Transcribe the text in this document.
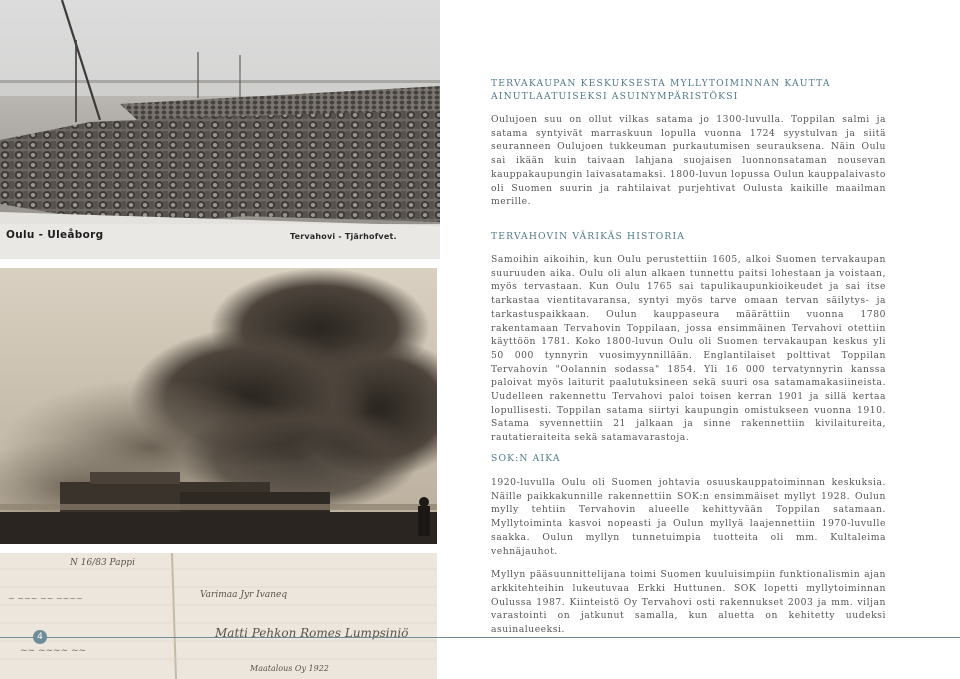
Oulu - Uleåborg	Tervahovi - Tjärhofvet.
N 16/83 Pappi
~ ~~~ ~~ ~~~~	Varimaa Jyr Ivaneq
Matti Pehkon Romes Lumpsiniö
Maatalous Oy 1922
~~ ~~~~ ~~
TERVAKAUPAN KESKUKSESTA MYLLYTOIMINNAN KAUTTA AINUTLAATUISEKSI ASUINYMPÄRISTÖKSI

Oulujoen suu on ollut vilkas satama jo 1300-luvulla. Toppilan salmi ja satama syntyivät marraskuun lopulla vuonna 1724 syystulvan ja siitä seuranneen Oulujoen tukkeuman purkautumisen seurauksena. Näin Oulu sai ikään kuin taivaan lahjana suojaisen luonnonsataman nousevan kauppakaupungin laivasatamaksi. 1800-luvun lopussa Oulun kauppalaivasto oli Suomen suurin ja rahtilaivat purjehtivat Oulusta kaikille maailman merille.

TERVAHOVIN VÄRIKÄS HISTORIA

Samoihin aikoihin, kun Oulu perustettiin 1605, alkoi Suomen tervakaupan suuruuden aika. Oulu oli alun alkaen tunnettu paitsi lohestaan ja voistaan, myös tervastaan. Kun Oulu 1765 sai tapulikaupunkioikeudet ja sai itse tarkastaa vientitavaransa, syntyi myös tarve omaan tervan säilytys- ja tarkastuspaikkaan. Oulun kauppaseura määrättiin vuonna 1780 rakentamaan Tervahovin Toppilaan, jossa ensimmäinen Tervahovi otettiin käyttöön 1781. Koko 1800-luvun Oulu oli Suomen tervakaupan keskus yli 50 000 tynnyrin vuosimyynnillään. Englantilaiset polttivat Toppilan Tervahovin "Oolannin sodassa" 1854. Yli 16 000 tervatynnyrin kanssa paloivat myös laiturit paalutuksineen sekä suuri osa satamamakasiineista. Uudelleen rakennettu Tervahovi paloi toisen kerran 1901 ja sillä kertaa lopullisesti. Toppilan satama siirtyi kaupungin omistukseen vuonna 1910. Satama syvennettiin 21 jalkaan ja sinne rakennettiin kivilaitureita, rautatieraiteita sekä satamavarastoja.

SOK:N AIKA

1920-luvulla Oulu oli Suomen johtavia osuuskauppatoiminnan keskuksia. Näille paikkakunnille rakennettiin SOK:n ensimmäiset myllyt 1928. Oulun mylly tehtiin Tervahovin alueelle kehittyvään Toppilan satamaan. Myllytoiminta kasvoi nopeasti ja Oulun myllyä laajennettiin 1970-luvulle saakka. Oulun myllyn tunnetuimpia tuotteita oli mm. Kultaleima vehnäjauhot.

Myllyn pääsuunnittelijana toimi Suomen kuuluisimpiin funktionalismin ajan arkkitehteihin lukeutuvaa Erkki Huttunen. SOK lopetti myllytoiminnan Oulussa 1987. Kiinteistö Oy Tervahovi osti rakennukset 2003 ja mm. viljan varastointi on jatkunut samalla, kun aluetta on kehitetty uudeksi asuinalueeksi.

4
